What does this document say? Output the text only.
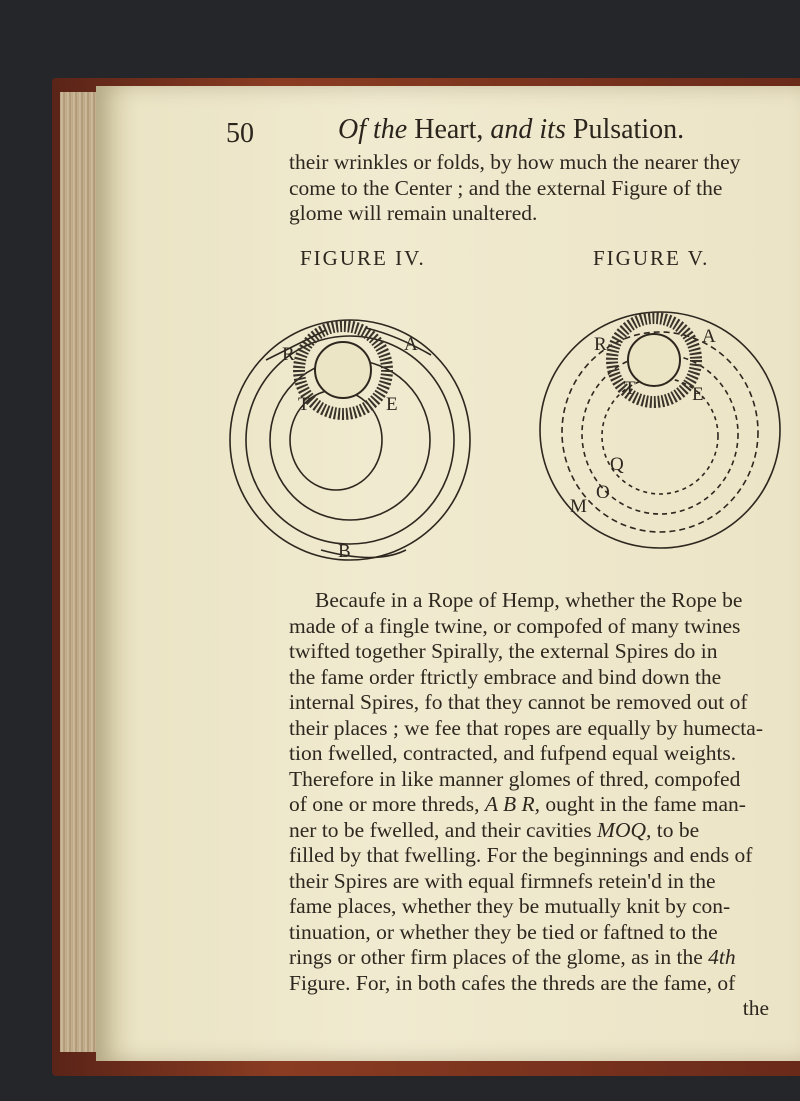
50	Of the Heart, and its Pulsation.

their wrinkles or folds, by how much the nearer they
come to the Center ; and the external Figure of the
glome will remain unaltered.

FIGURE IV.	FIGURE V.
R	A
T	E
B
R	A
T	E
Q
O
M

Becaufe in a Rope of Hemp, whether the Rope be
made of a fingle twine, or compofed of many twines
twifted together Spirally, the external Spires do in
the fame order ftrictly embrace and bind down the
internal Spires, fo that they cannot be removed out of
their places ; we fee that ropes are equally by humecta-
tion fwelled, contracted, and fufpend equal weights.
Therefore in like manner glomes of thred, compofed
of one or more threds, A B R, ought in the fame man-
ner to be fwelled, and their cavities MOQ, to be
filled by that fwelling. For the beginnings and ends of
their Spires are with equal firmnefs retein'd in the
fame places, whether they be mutually knit by con-
tinuation, or whether they be tied or faftned to the
rings or other firm places of the glome, as in the 4th
Figure. For, in both cafes the threds are the fame, of
the
